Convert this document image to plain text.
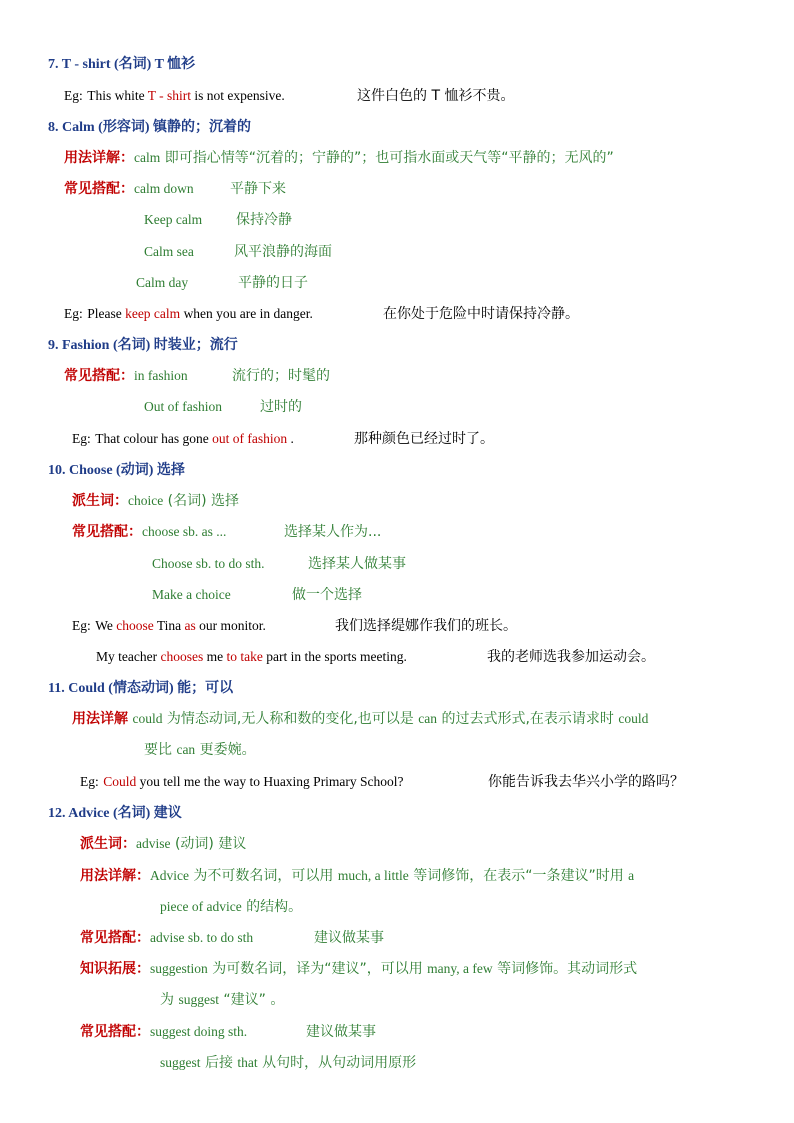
7. T - shirt (名词) T 恤衫
Eg: This white T - shirt is not expensive.	这件白色的 T 恤衫不贵。
8. Calm (形容词) 镇静的；沉着的
用法详解：calm 即可指心情等“沉着的；宁静的”；也可指水面或天气等“平静的；无风的”
常见搭配：calm down	平静下来
Keep calm 保持冷静
Calm sea	风平浪静的海面
Calm day	平静的日子
Eg: Please keep calm when you are in danger.	在你处于危险中时请保持冷静。
9. Fashion (名词) 时装业；流行
常见搭配：in fashion	流行的；时髦的
Out of fashion	过时的
Eg: That colour has gone out of fashion .	那种颜色已经过时了。
10. Choose (动词) 选择
派生词：choice (名词) 选择
常见搭配：choose sb. as ...	选择某人作为...
Choose sb. to do sth.	选择某人做某事
Make a choice	做一个选择
Eg: We choose Tina as our monitor.	我们选择缇娜作我们的班长。
My teacher chooses me to take part in the sports meeting.	我的老师选我参加运动会。
11. Could (情态动词) 能；可以
用法详解 could 为情态动词,无人称和数的变化,也可以是 can 的过去式形式,在表示请求时 could
要比 can 更委婉。
Eg: Could you tell me the way to Huaxing Primary School?	你能告诉我去华兴小学的路吗？
12. Advice (名词) 建议
派生词：advise (动词) 建议
用法详解：Advice 为不可数名词，可以用 much, a little 等词修饰，在表示“一条建议”时用 a
piece of advice 的结构。
常见搭配：advise sb. to do sth	建议做某事
知识拓展：suggestion 为可数名词，译为“建议”，可以用 many, a few 等词修饰。其动词形式
为 suggest “建议” 。
常见搭配：suggest doing sth.	建议做某事
suggest 后接 that 从句时，从句动词用原形
